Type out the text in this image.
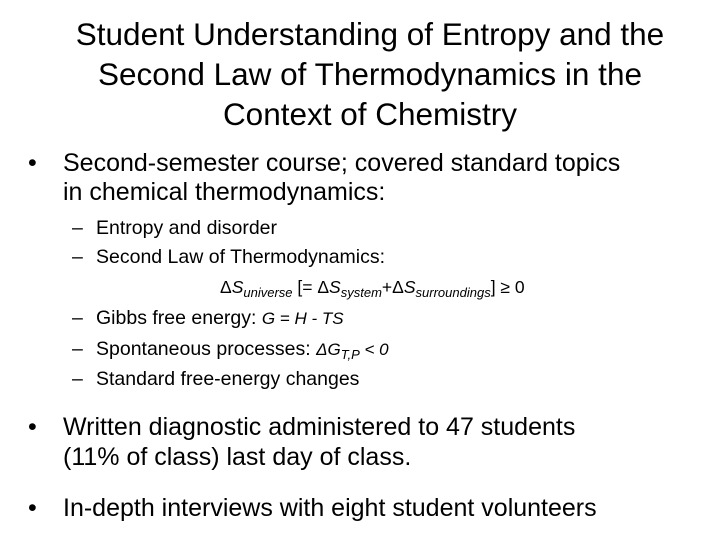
Student Understanding of Entropy and the
Second Law of Thermodynamics in the
Context of Chemistry
• Second-semester course; covered standard topics
in chemical thermodynamics:
– Entropy and disorder
– Second Law of Thermodynamics:
$\Delta S_{universe}$ [= $\Delta S_{system}+\Delta S_{surroundings}] \ge 0$
– Gibbs free energy: G = H - TS
– Spontaneous processes: $\Delta G_{T,P} < 0$
– Standard free-energy changes
• Written diagnostic administered to 47 students
(11% of class) last day of class.
• In-depth interviews with eight student volunteers
